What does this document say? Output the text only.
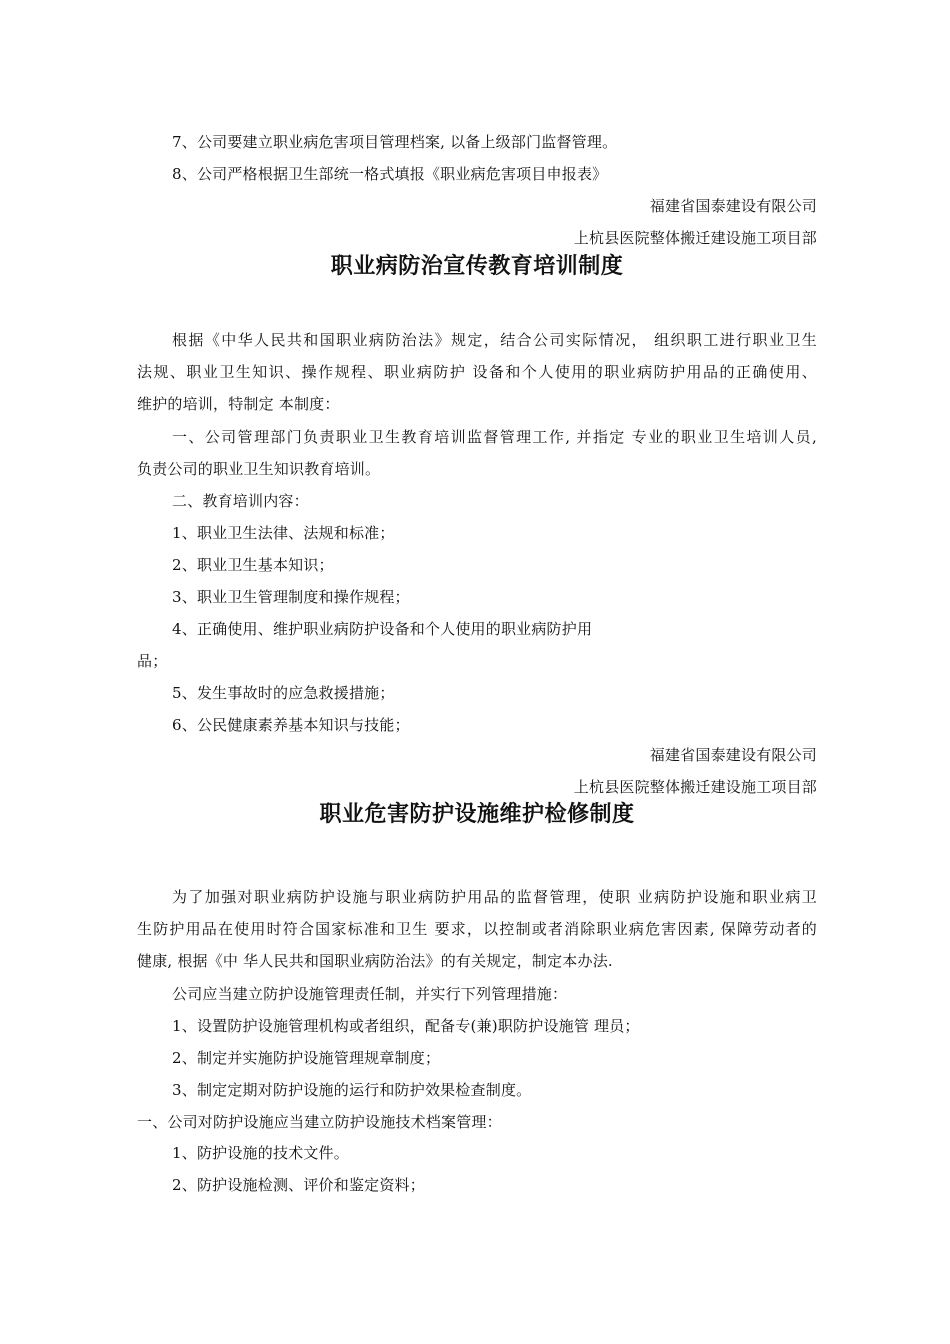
7、公司要建立职业病危害项目管理档案, 以备上级部门监督管理。
8、公司严格根据卫生部统一格式填报《职业病危害项目申报表》
福建省国泰建设有限公司
上杭县医院整体搬迁建设施工项目部
职业病防治宣传教育培训制度
根据《中华人民共和国职业病防治法》规定，结合公司实际情况， 组织职工进行职业卫生
法规、职业卫生知识、操作规程、职业病防护 设备和个人使用的职业病防护用品的正确使用、
维护的培训，特制定 本制度：
一、公司管理部门负责职业卫生教育培训监督管理工作, 并指定 专业的职业卫生培训人员,
负责公司的职业卫生知识教育培训。
二、教育培训内容：
1、职业卫生法律、法规和标准；
2、职业卫生基本知识；
3、职业卫生管理制度和操作规程；
4、正确使用、维护职业病防护设备和个人使用的职业病防护用
品；
5、发生事故时的应急救援措施；
6、公民健康素养基本知识与技能；
福建省国泰建设有限公司
上杭县医院整体搬迁建设施工项目部
职业危害防护设施维护检修制度
为了加强对职业病防护设施与职业病防护用品的监督管理，使职 业病防护设施和职业病卫
生防护用品在使用时符合国家标准和卫生 要求，以控制或者消除职业病危害因素, 保障劳动者的
健康, 根据《中 华人民共和国职业病防治法》的有关规定，制定本办法.
公司应当建立防护设施管理责任制，并实行下列管理措施：
1、设置防护设施管理机构或者组织，配备专(兼)职防护设施管 理员；
2、制定并实施防护设施管理规章制度；
3、制定定期对防护设施的运行和防护效果检查制度。
一、公司对防护设施应当建立防护设施技术档案管理：
1、防护设施的技术文件。
2、防护设施检测、评价和鉴定资料；
